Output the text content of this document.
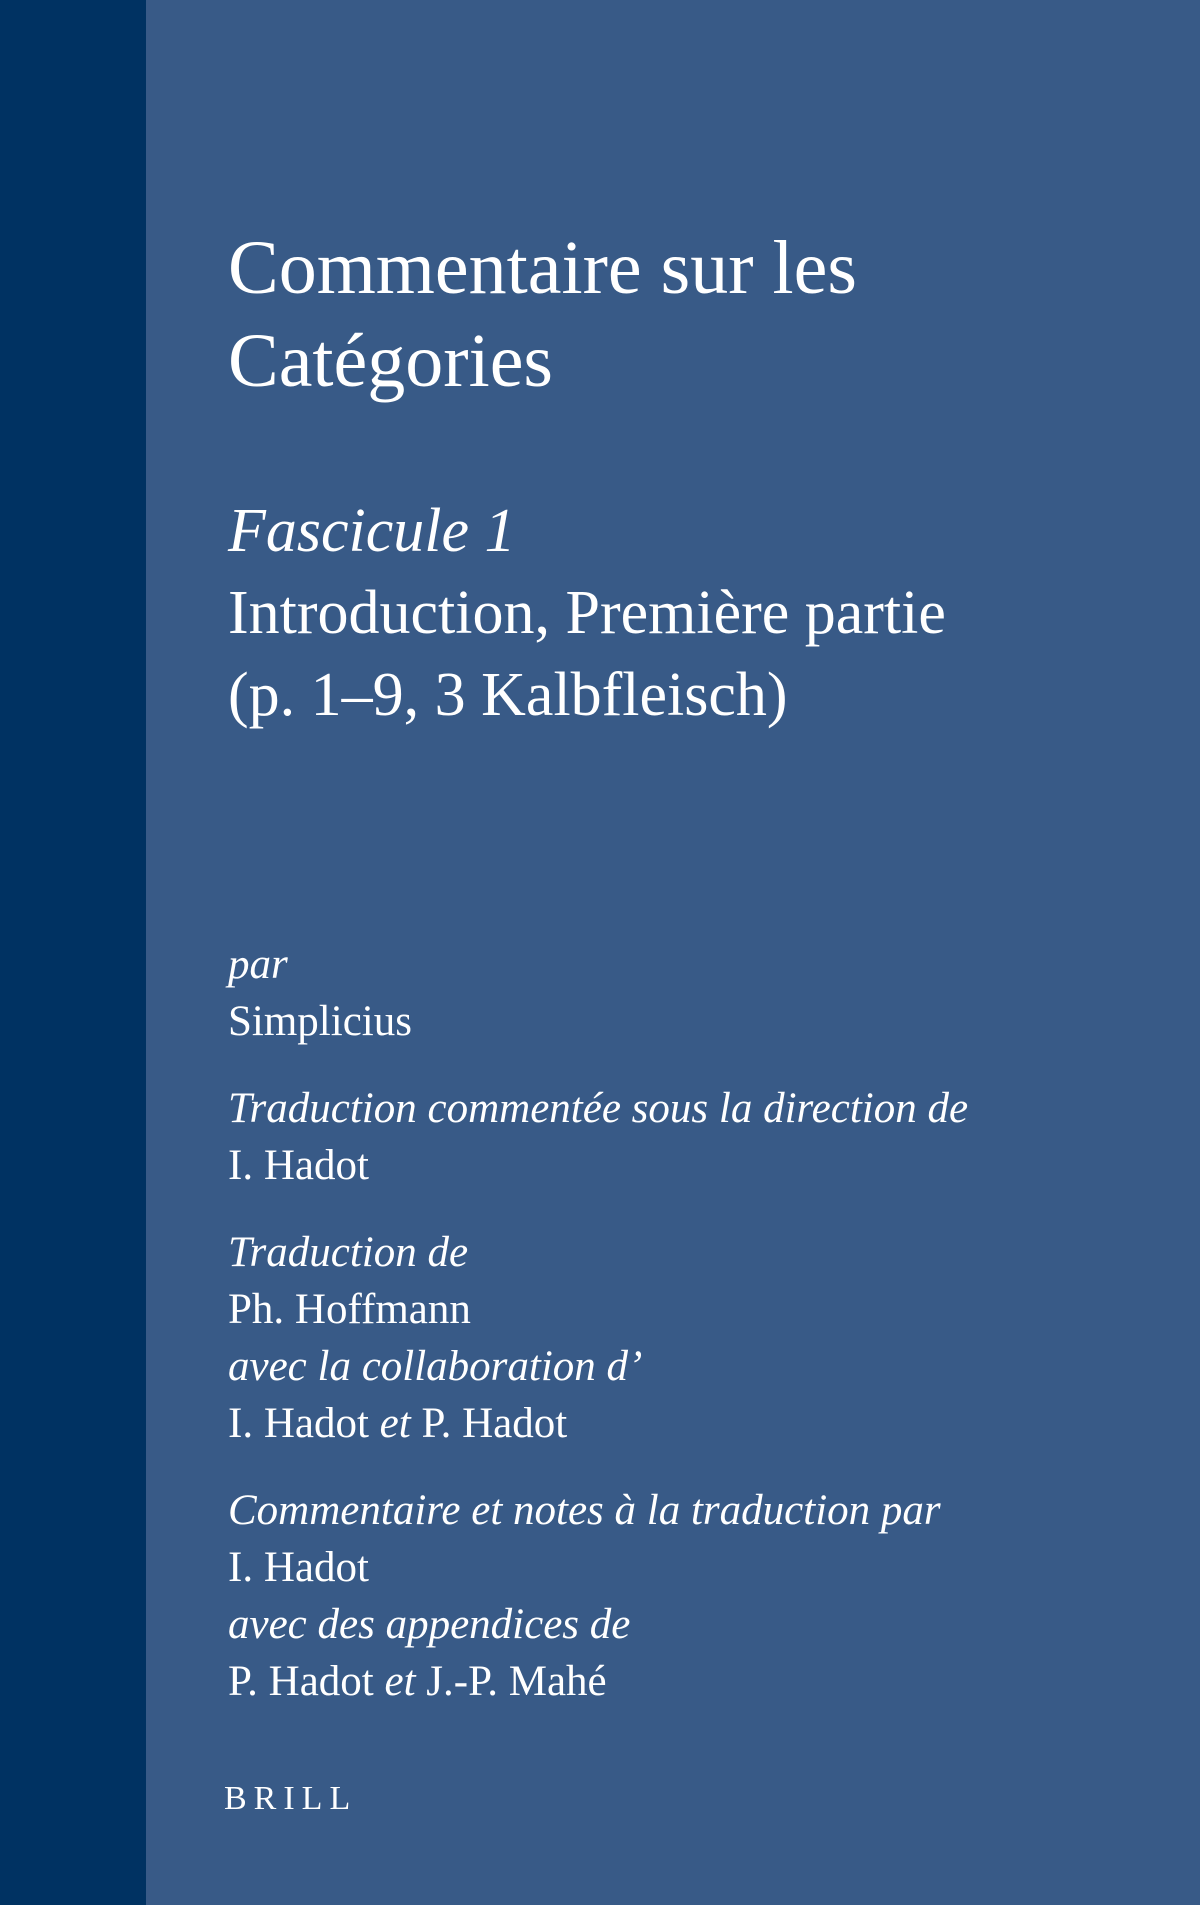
Commentaire sur les
Catégories
Fascicule 1
Introduction, Première partie
(p. 1–9, 3 Kalbfleisch)
par
Simplicius
Traduction commentée sous la direction de
I. Hadot
Traduction de
Ph. Hoffmann
avec la collaboration d’
I. Hadot et P. Hadot
Commentaire et notes à la traduction par
I. Hadot
avec des appendices de
P. Hadot et J.-P. Mahé
BRILL
